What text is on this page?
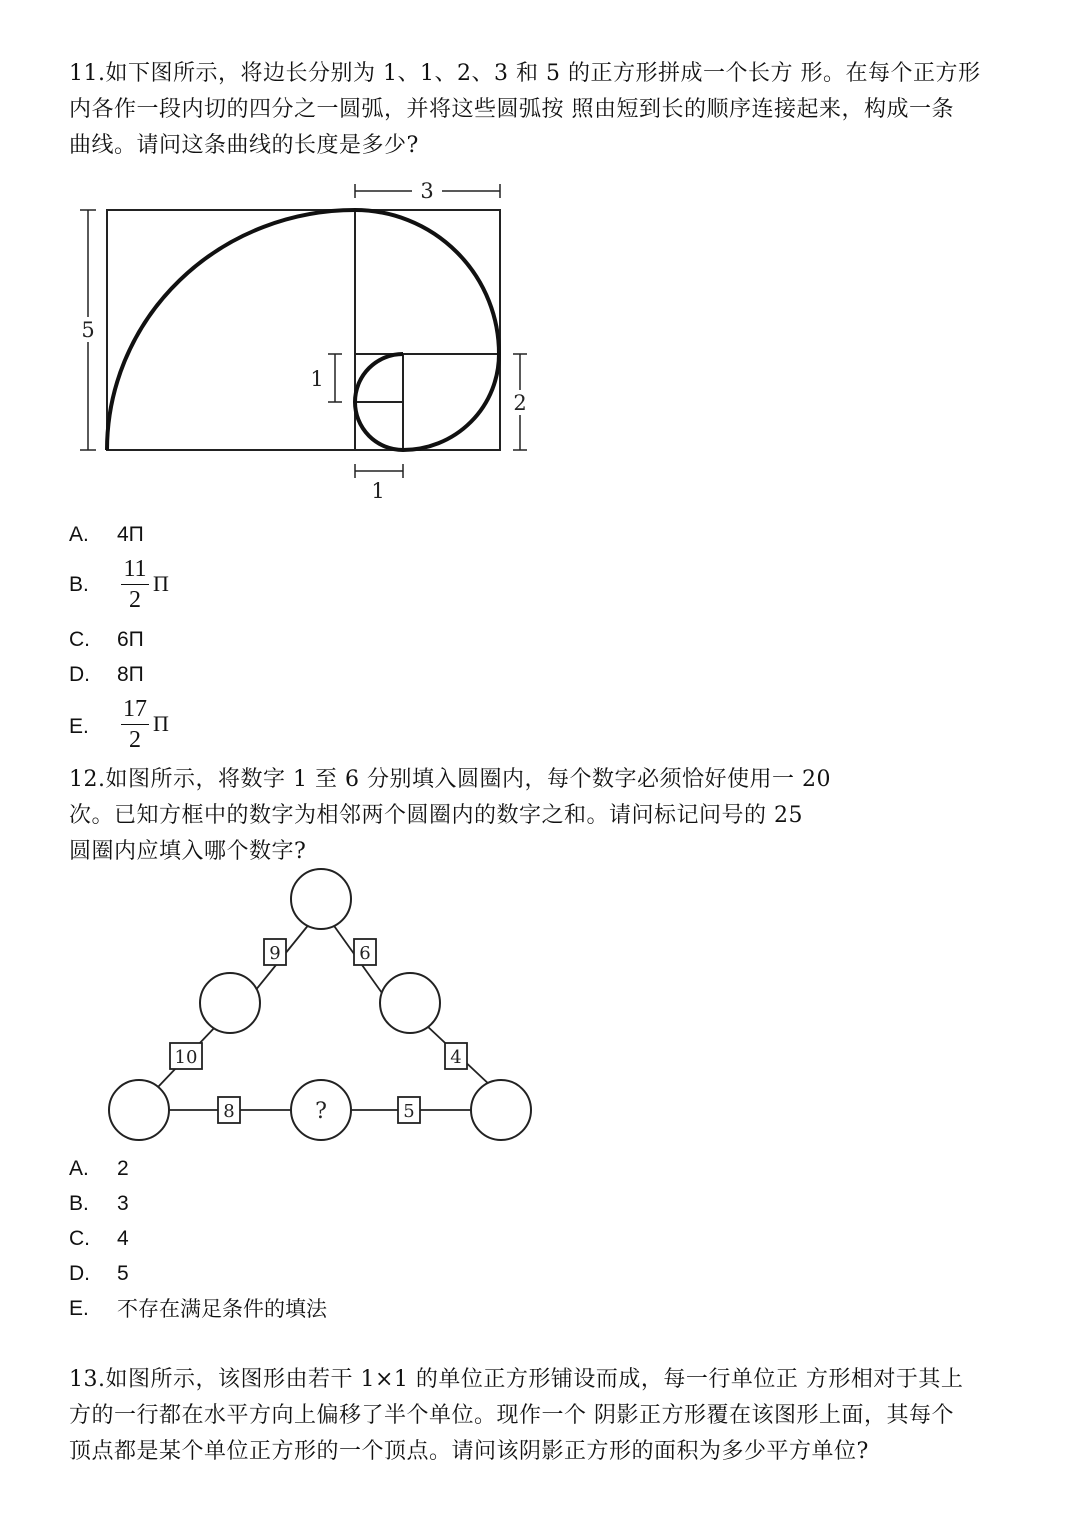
11.如下图所示，将边长分别为 1、1、2、3 和 5 的正方形拼成一个长方 形。在每个正方形
内各作一段内切的四分之一圆弧，并将这些圆弧按 照由短到长的顺序连接起来，构成一条
曲线。请问这条曲线的长度是多少?
3
5
1
2
1
A. 4Π
B.
11
2
Π
C. 6Π
D. 8Π
E.
17
2
Π
12.如图所示，将数字 1 至 6 分别填入圆圈内，每个数字必须恰好使用一 20
次。已知方框中的数字为相邻两个圆圈内的数字之和。请问标记问号的 25
圆圈内应填入哪个数字?
9	6
10	4
8	5
?
A. 2
B. 3
C. 4
D. 5
E. 不存在满足条件的填法
13.如图所示，该图形由若干 1×1 的单位正方形铺设而成，每一行单位正 方形相对于其上
方的一行都在水平方向上偏移了半个单位。现作一个 阴影正方形覆在该图形上面，其每个
顶点都是某个单位正方形的一个顶点。请问该阴影正方形的面积为多少平方单位?
